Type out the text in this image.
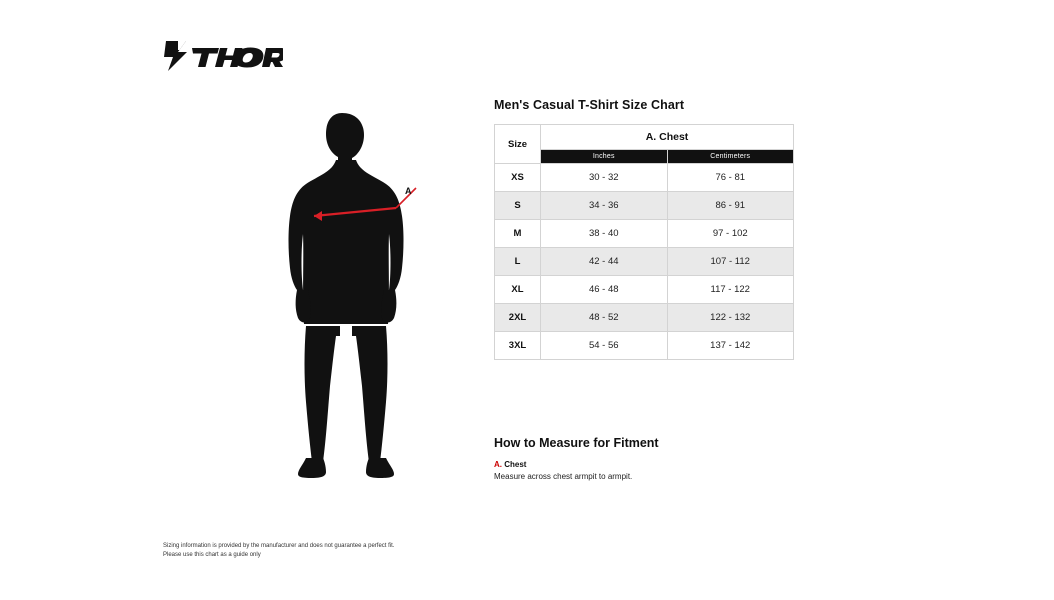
A
Men's Casual T-Shirt Size Chart
Size	A. Chest	
	Inches	Centimeters
XS	30 - 32	76 - 81
S	34 - 36	86 - 91
M	38 - 40	97 - 102
L	42 - 44	107 - 112
XL	46 - 48	117 - 122
2XL	48 - 52	122 - 132
3XL	54 - 56	137 - 142
How to Measure for Fitment
A. Chest
Measure across chest armpit to armpit.
Sizing information is provided by the manufacturer and does not guarantee a perfect fit.
Please use this chart as a guide only
